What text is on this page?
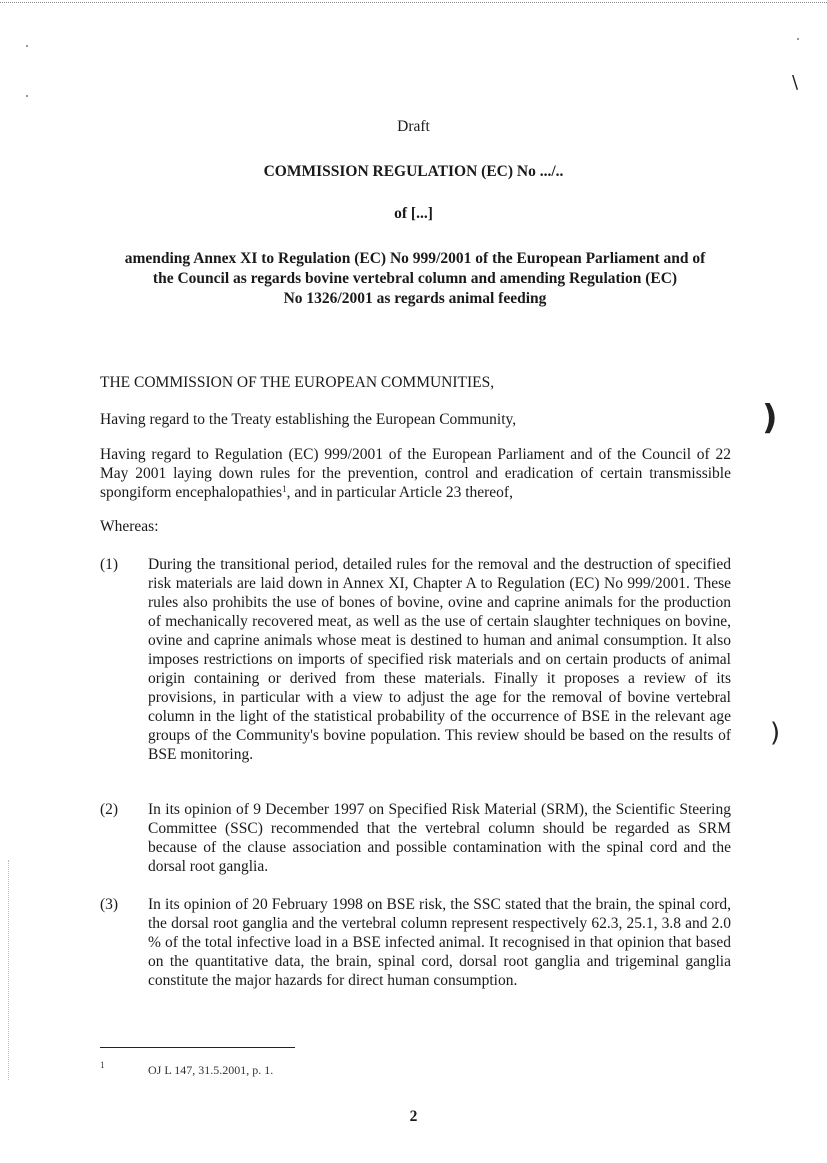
\
)
)
Draft
COMMISSION REGULATION (EC) No .../..
of [...]
amending Annex XI to Regulation (EC) No 999/2001 of the European Parliament and of
the Council as regards bovine vertebral column and amending Regulation (EC)
No 1326/2001 as regards animal feeding
THE COMMISSION OF THE EUROPEAN COMMUNITIES,
Having regard to the Treaty establishing the European Community,
Having regard to Regulation (EC) 999/2001 of the European Parliament and of the Council of 22 May 2001 laying down rules for the prevention, control and eradication of certain transmissible spongiform encephalopathies$^1$, and in particular Article 23 thereof,
Whereas:
(1)	During the transitional period, detailed rules for the removal and the destruction of specified risk materials are laid down in Annex XI, Chapter A to Regulation (EC) No 999/2001. These rules also prohibits the use of bones of bovine, ovine and caprine animals for the production of mechanically recovered meat, as well as the use of certain slaughter techniques on bovine, ovine and caprine animals whose meat is destined to human and animal consumption. It also imposes restrictions on imports of specified risk materials and on certain products of animal origin containing or derived from these materials. Finally it proposes a review of its provisions, in particular with a view to adjust the age for the removal of bovine vertebral column in the light of the statistical probability of the occurrence of BSE in the relevant age groups of the Community's bovine population. This review should be based on the results of BSE monitoring.
(2)	In its opinion of 9 December 1997 on Specified Risk Material (SRM), the Scientific Steering Committee (SSC) recommended that the vertebral column should be regarded as SRM because of the clause association and possible contamination with the spinal cord and the dorsal root ganglia.
(3)	In its opinion of 20 February 1998 on BSE risk, the SSC stated that the brain, the spinal cord, the dorsal root ganglia and the vertebral column represent respectively 62.3, 25.1, 3.8 and 2.0 % of the total infective load in a BSE infected animal. It recognised in that opinion that based on the quantitative data, the brain, spinal cord, dorsal root ganglia and trigeminal ganglia constitute the major hazards for direct human consumption.
1	OJ L 147, 31.5.2001, p. 1.
2
